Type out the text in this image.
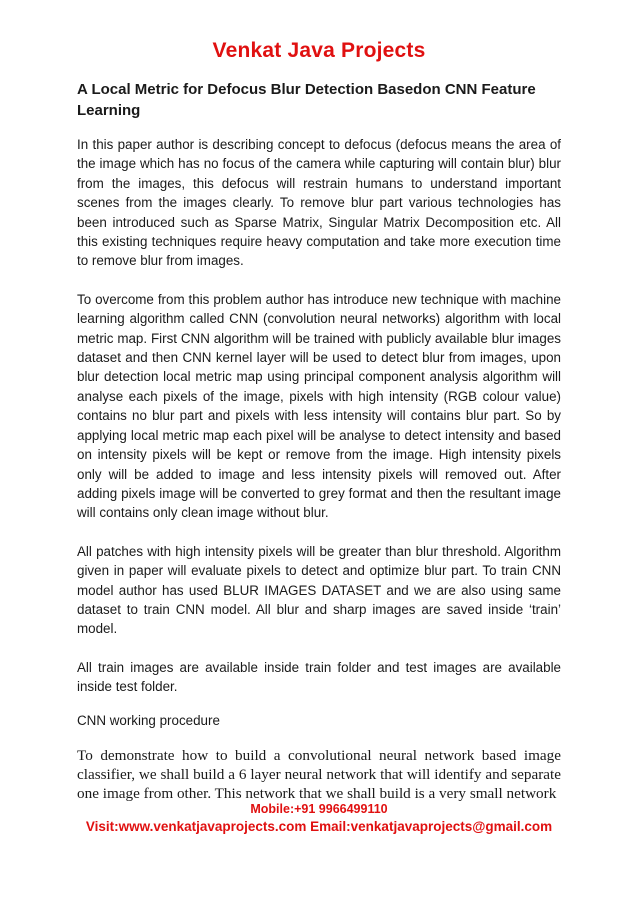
Venkat Java Projects
A Local Metric for Defocus Blur Detection Basedon CNN Feature Learning

In this paper author is describing concept to defocus (defocus means the area of the image which has no focus of the camera while capturing will contain blur) blur from the images, this defocus will restrain humans to understand important scenes from the images clearly. To remove blur part various technologies has been introduced such as Sparse Matrix, Singular Matrix Decomposition etc. All this existing techniques require heavy computation and take more execution time to remove blur from images.

To overcome from this problem author has introduce new technique with machine learning algorithm called CNN (convolution neural networks) algorithm with local metric map. First CNN algorithm will be trained with publicly available blur images dataset and then CNN kernel layer will be used to detect blur from images, upon blur detection local metric map using principal component analysis algorithm will analyse each pixels of the image, pixels with high intensity (RGB colour value) contains no blur part and pixels with less intensity will contains blur part. So by applying local metric map each pixel will be analyse to detect intensity and based on intensity pixels will be kept or remove from the image. High intensity pixels only will be added to image and less intensity pixels will removed out. After adding pixels image will be converted to grey format and then the resultant image will contains only clean image without blur.

All patches with high intensity pixels will be greater than blur threshold. Algorithm given in paper will evaluate pixels to detect and optimize blur part. To train CNN model author has used BLUR IMAGES DATASET and we are also using same dataset to train CNN model. All blur and sharp images are saved inside ‘train’ model.

All train images are available inside train folder and test images are available inside test folder.

CNN working procedure

To demonstrate how to build a convolutional neural network based image classifier, we shall build a 6 layer neural network that will identify and separate one image from other. This network that we shall build is a very small network

Mobile:+91 9966499110
Visit:www.venkatjavaprojects.com Email:venkatjavaprojects@gmail.com
